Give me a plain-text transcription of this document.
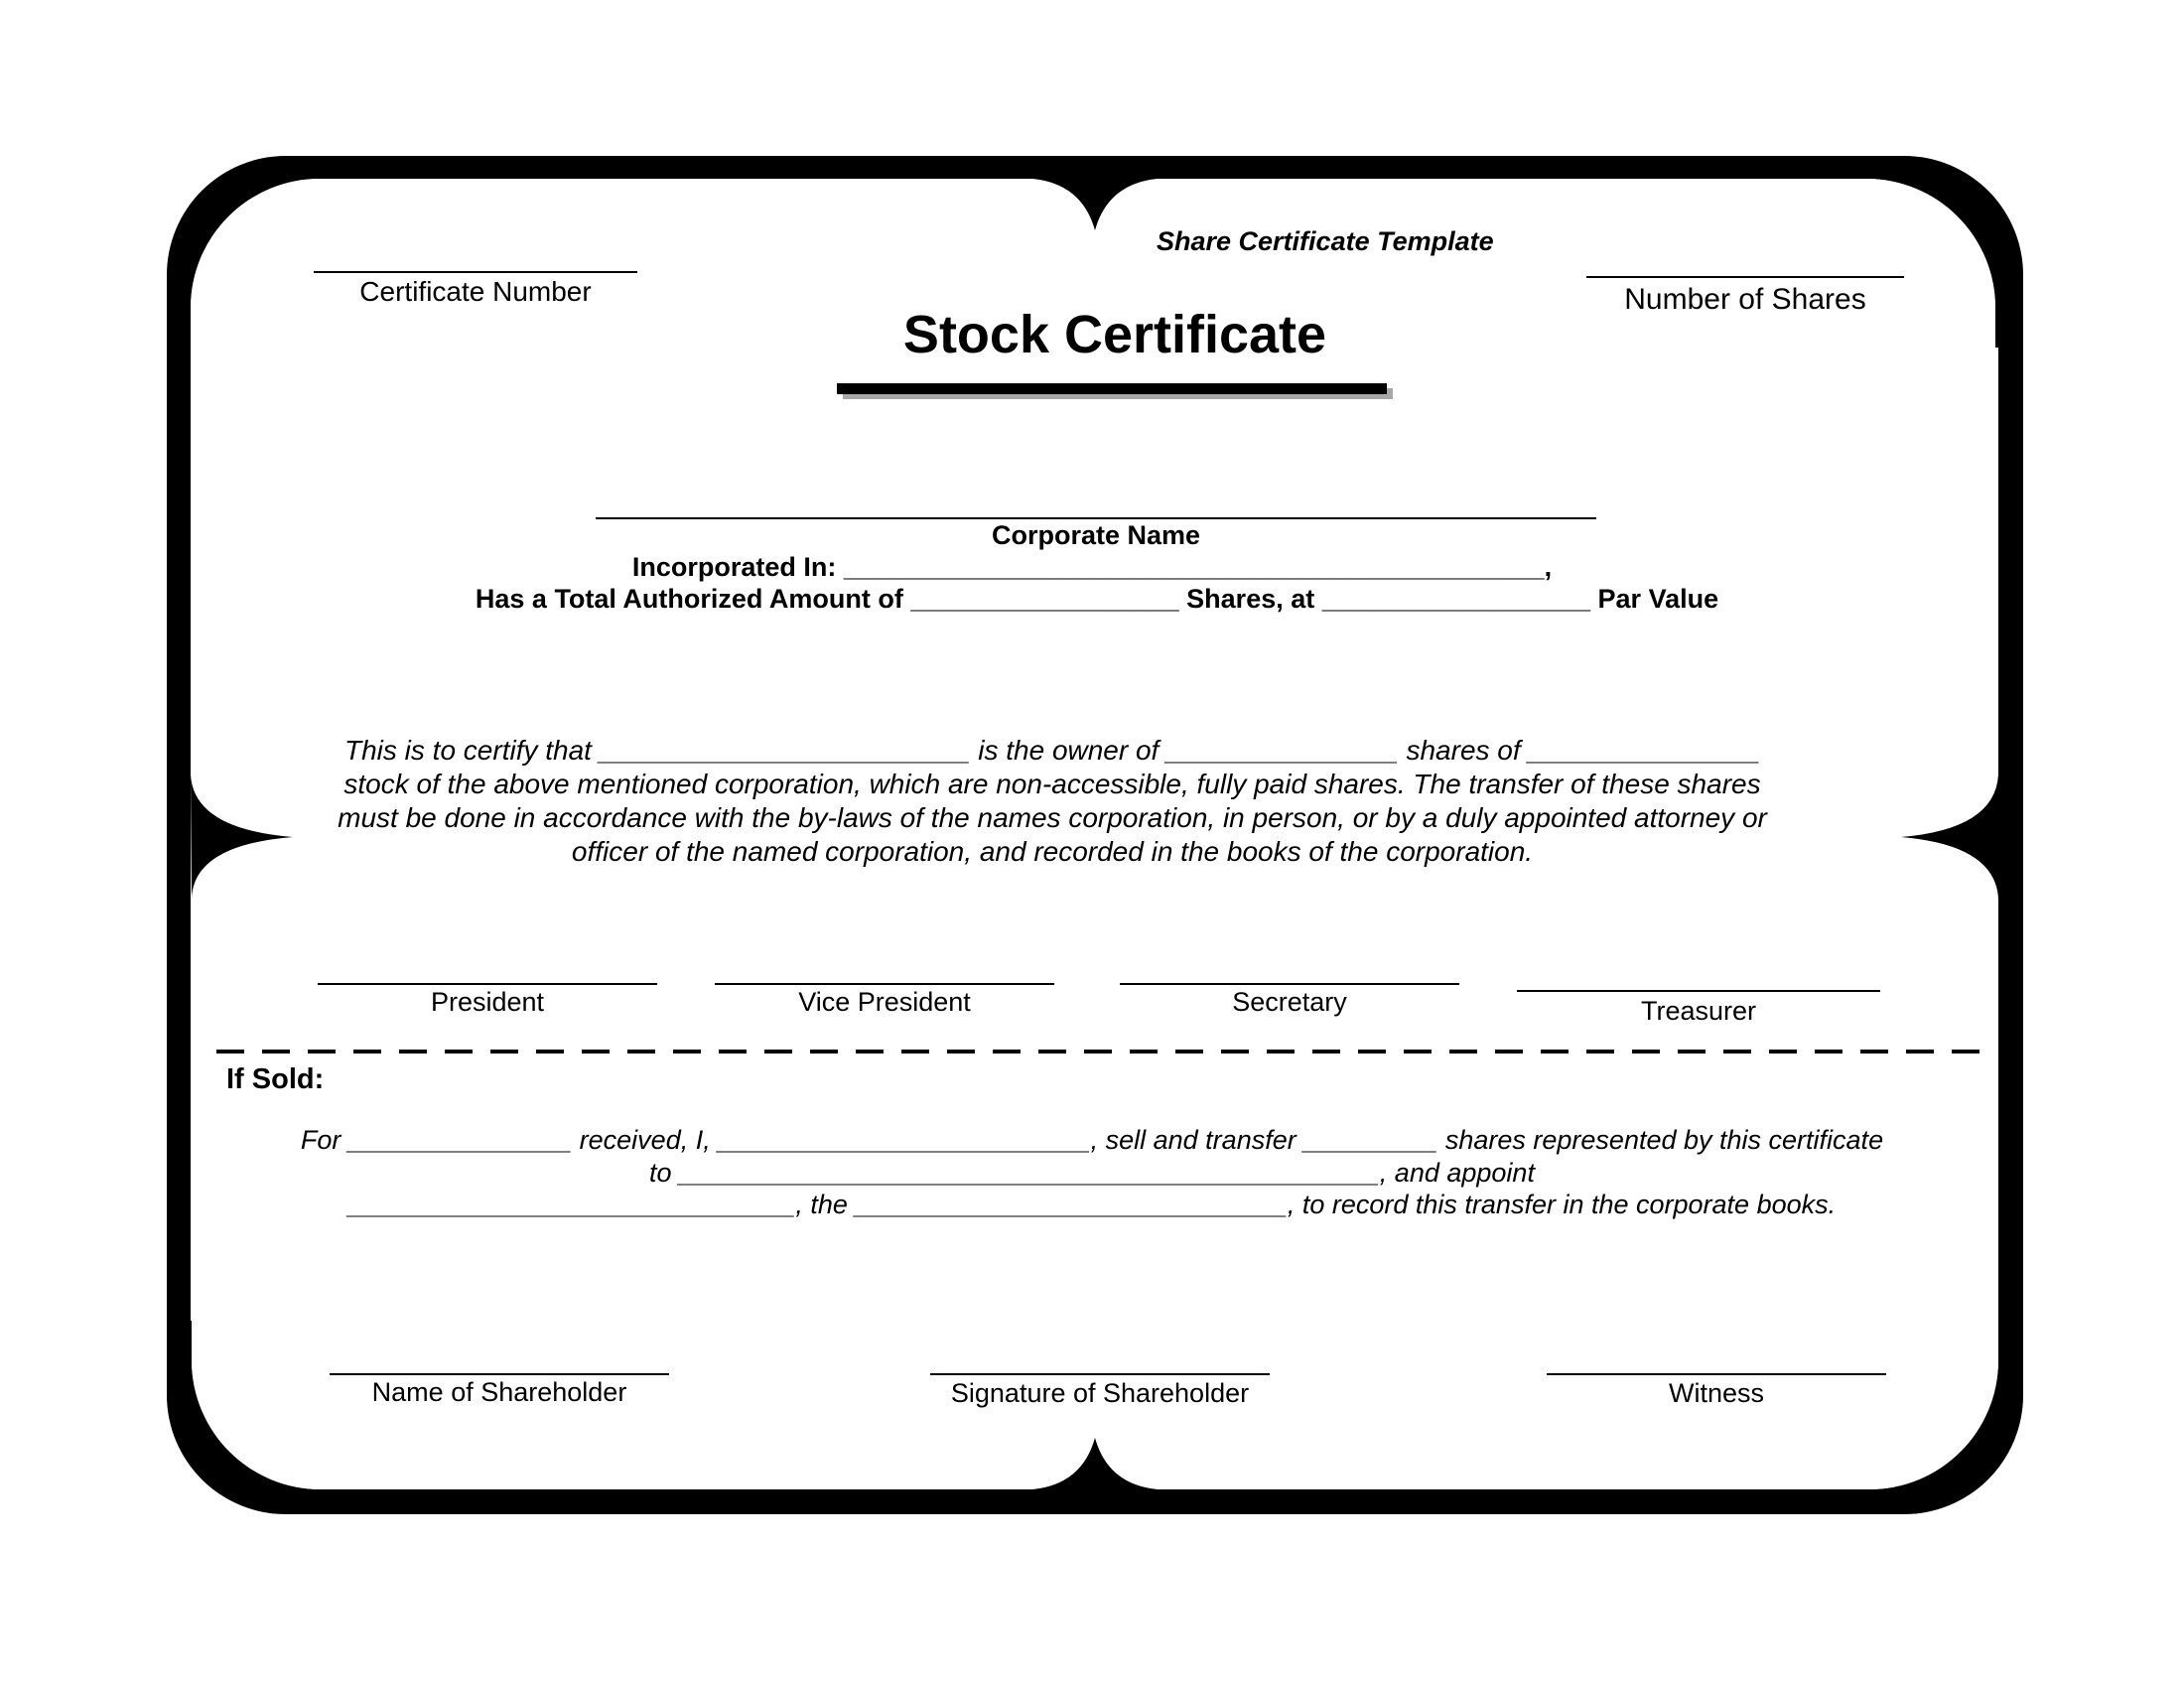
Share Certificate Template

Certificate Number	Number of Shares

Stock Certificate

Corporate Name

Incorporated In: _______________________________________________,

Has a Total Authorized Amount of __________________ Shares, at __________________ Par Value

This is to certify that ________________________ is the owner of _______________ shares of _______________

stock of the above mentioned corporation, which are non-accessible, fully paid shares. The transfer of these shares

must be done in accordance with the by-laws of the names corporation, in person, or by a duly appointed attorney or

officer of the named corporation, and recorded in the books of the corporation.

President	Vice President	Secretary	Treasurer

If Sold:

For _______________ received, I, _________________________, sell and transfer _________ shares represented by this certificate

to _______________________________________________, and appoint

______________________________, the _____________________________, to record this transfer in the corporate books.

Name of Shareholder	Signature of Shareholder	Witness
